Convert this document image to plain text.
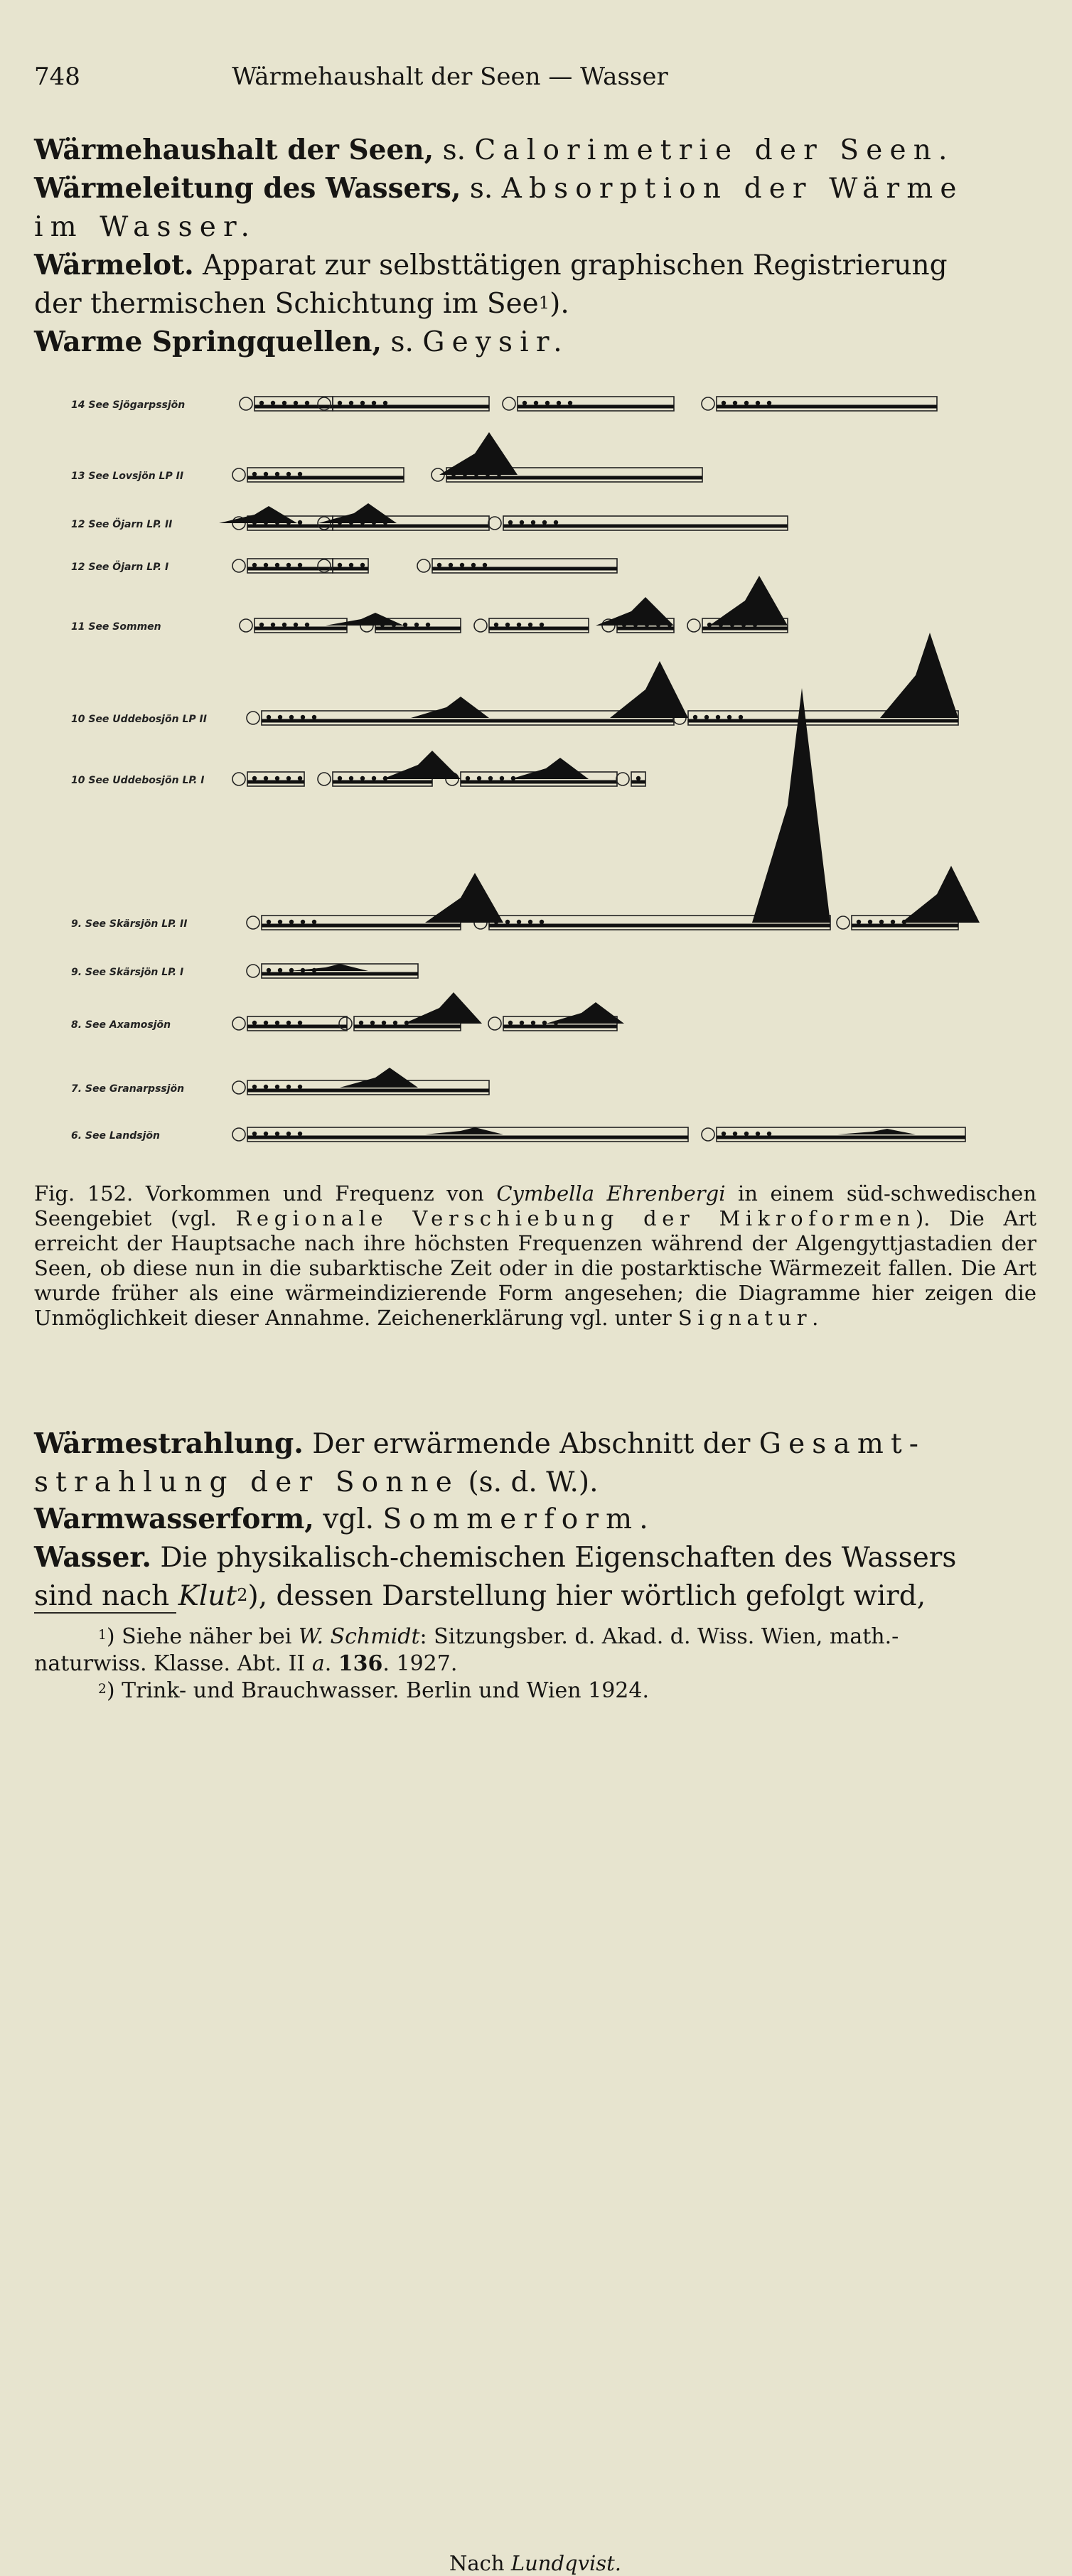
748	Wärmehaushalt der Seen — Wasser
Wärmehaushalt der Seen, s. Calorimetrie der Seen.
Wärmeleitung des Wassers, s. Absorption der Wärme
im Wasser.
Wärmelot. Apparat zur selbsttätigen graphischen Registrierung
der thermischen Schichtung im See$^1$).
Warme Springquellen, s. Geysir.
14 See Sjögarpssjön
13 See Lovsjön LP II
12 See Öjarn LP. II
12 See Öjarn LP. I
11 See Sommen
10 See Uddebosjön LP II
10 See Uddebosjön LP. I
9. See Skärsjön LP. II
9. See Skärsjön LP. I
8. See Axamosjön
7. See Granarpssjön
6. See Landsjön
Fig. 152. Vorkommen und Frequenz von Cymbella Ehrenbergi in einem süd-schwedischen Seengebiet (vgl. Regionale Verschiebung der Mikroformen). Die Art erreicht der Hauptsache nach ihre höchsten Frequenzen während der Algengyttjastadien der Seen, ob diese nun in die subarktische Zeit oder in die postarktische Wärmezeit fallen. Die Art wurde früher als eine wärmeindizierende Form angesehen; die Diagramme hier zeigen die Unmöglichkeit dieser Annahme. Zeichenerklärung vgl. unter Signatur.
Nach Lundqvist.
Wärmestrahlung. Der erwärmende Abschnitt der Gesamt-
strahlung der Sonne (s. d. W.).
Warmwasserform, vgl. Sommerform.
Wasser. Die physikalisch-chemischen Eigenschaften des Wassers
sind nach Klut$^2$), dessen Darstellung hier wörtlich gefolgt wird,
$^1$) Siehe näher bei W. Schmidt: Sitzungsber. d. Akad. d. Wiss. Wien, math.-
naturwiss. Klasse. Abt. II a. 136. 1927.
$^2$) Trink- und Brauchwasser. Berlin und Wien 1924.
